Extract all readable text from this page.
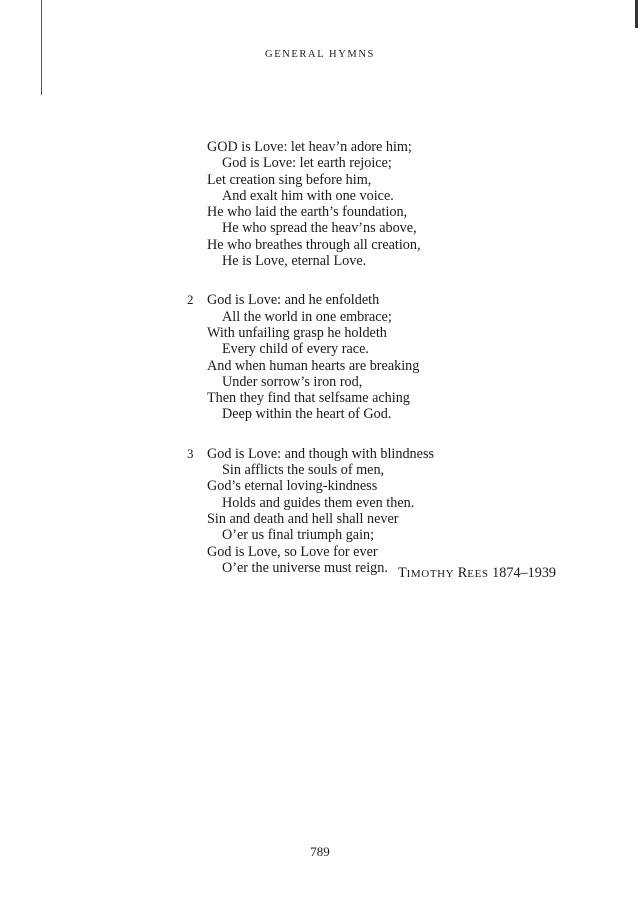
GENERAL HYMNS
GOD is Love: let heav’n adore him;
God is Love: let earth rejoice;
Let creation sing before him,
And exalt him with one voice.
He who laid the earth’s foundation,
He who spread the heav’ns above,
He who breathes through all creation,
He is Love, eternal Love.
2 God is Love: and he enfoldeth
All the world in one embrace;
With unfailing grasp he holdeth
Every child of every race.
And when human hearts are breaking
Under sorrow’s iron rod,
Then they find that selfsame aching
Deep within the heart of God.
3 God is Love: and though with blindness
Sin afflicts the souls of men,
God’s eternal loving-kindness
Holds and guides them even then.
Sin and death and hell shall never
O’er us final triumph gain;
God is Love, so Love for ever
O’er the universe must reign. TIMOTHY REES 1874–1939
789
